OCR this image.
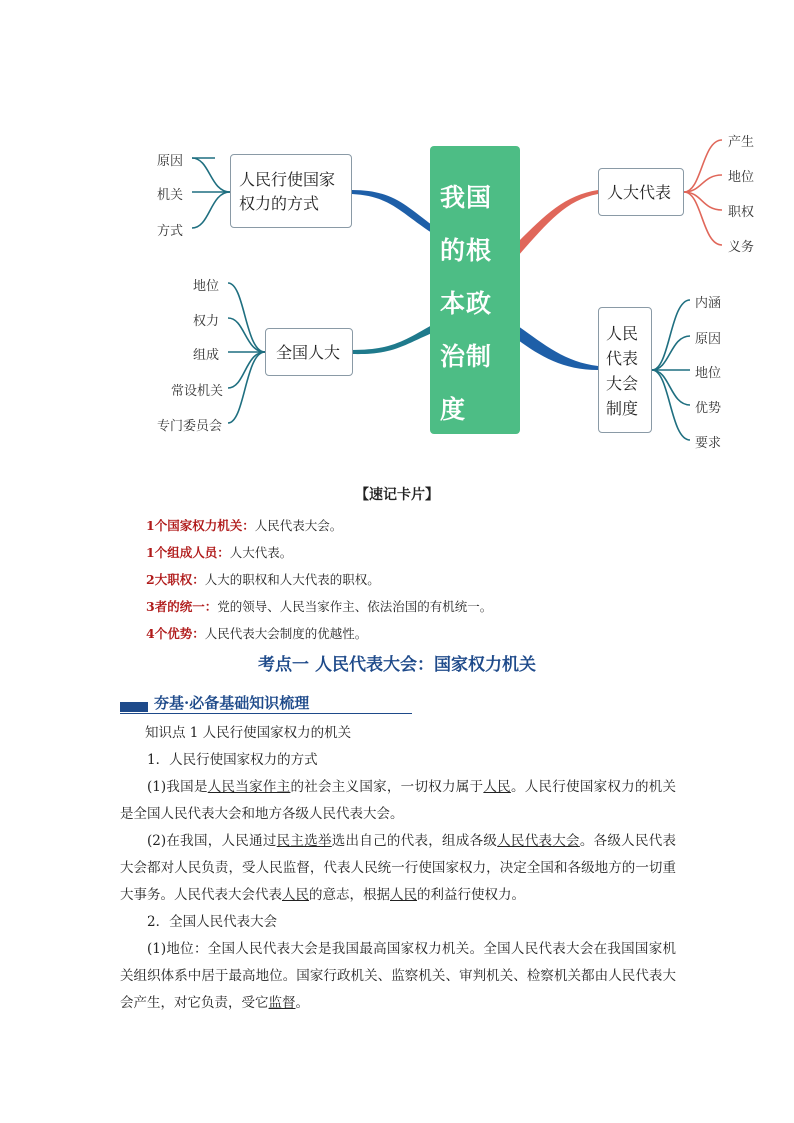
我国
的根
本政
治制
度
人民行使国家
权力的方式
原因
机关
方式
全国人大
地位
权力
组成
常设机关
专门委员会
人大代表
产生
地位
职权
义务
人民
代表
大会
制度
内涵
原因
地位
优势
要求
【速记卡片】
1个国家权力机关：人民代表大会。
1个组成人员：人大代表。
2大职权：人大的职权和人大代表的职权。
3者的统一：党的领导、人民当家作主、依法治国的有机统一。
4个优势：人民代表大会制度的优越性。
考点一 人民代表大会：国家权力机关
夯基·必备基础知识梳理

知识点 1 人民行使国家权力的机关

1．人民行使国家权力的方式

(1)我国是人民当家作主的社会主义国家，一切权力属于人民。人民行使国家权力的机关是全国人民代表大会和地方各级人民代表大会。

(2)在我国，人民通过民主选举选出自己的代表，组成各级人民代表大会。各级人民代表大会都对人民负责，受人民监督，代表人民统一行使国家权力，决定全国和各级地方的一切重大事务。人民代表大会代表人民的意志，根据人民的利益行使权力。

2．全国人民代表大会

(1)地位：全国人民代表大会是我国最高国家权力机关。全国人民代表大会在我国国家机关组织体系中居于最高地位。国家行政机关、监察机关、审判机关、检察机关都由人民代表大会产生，对它负责，受它监督。
